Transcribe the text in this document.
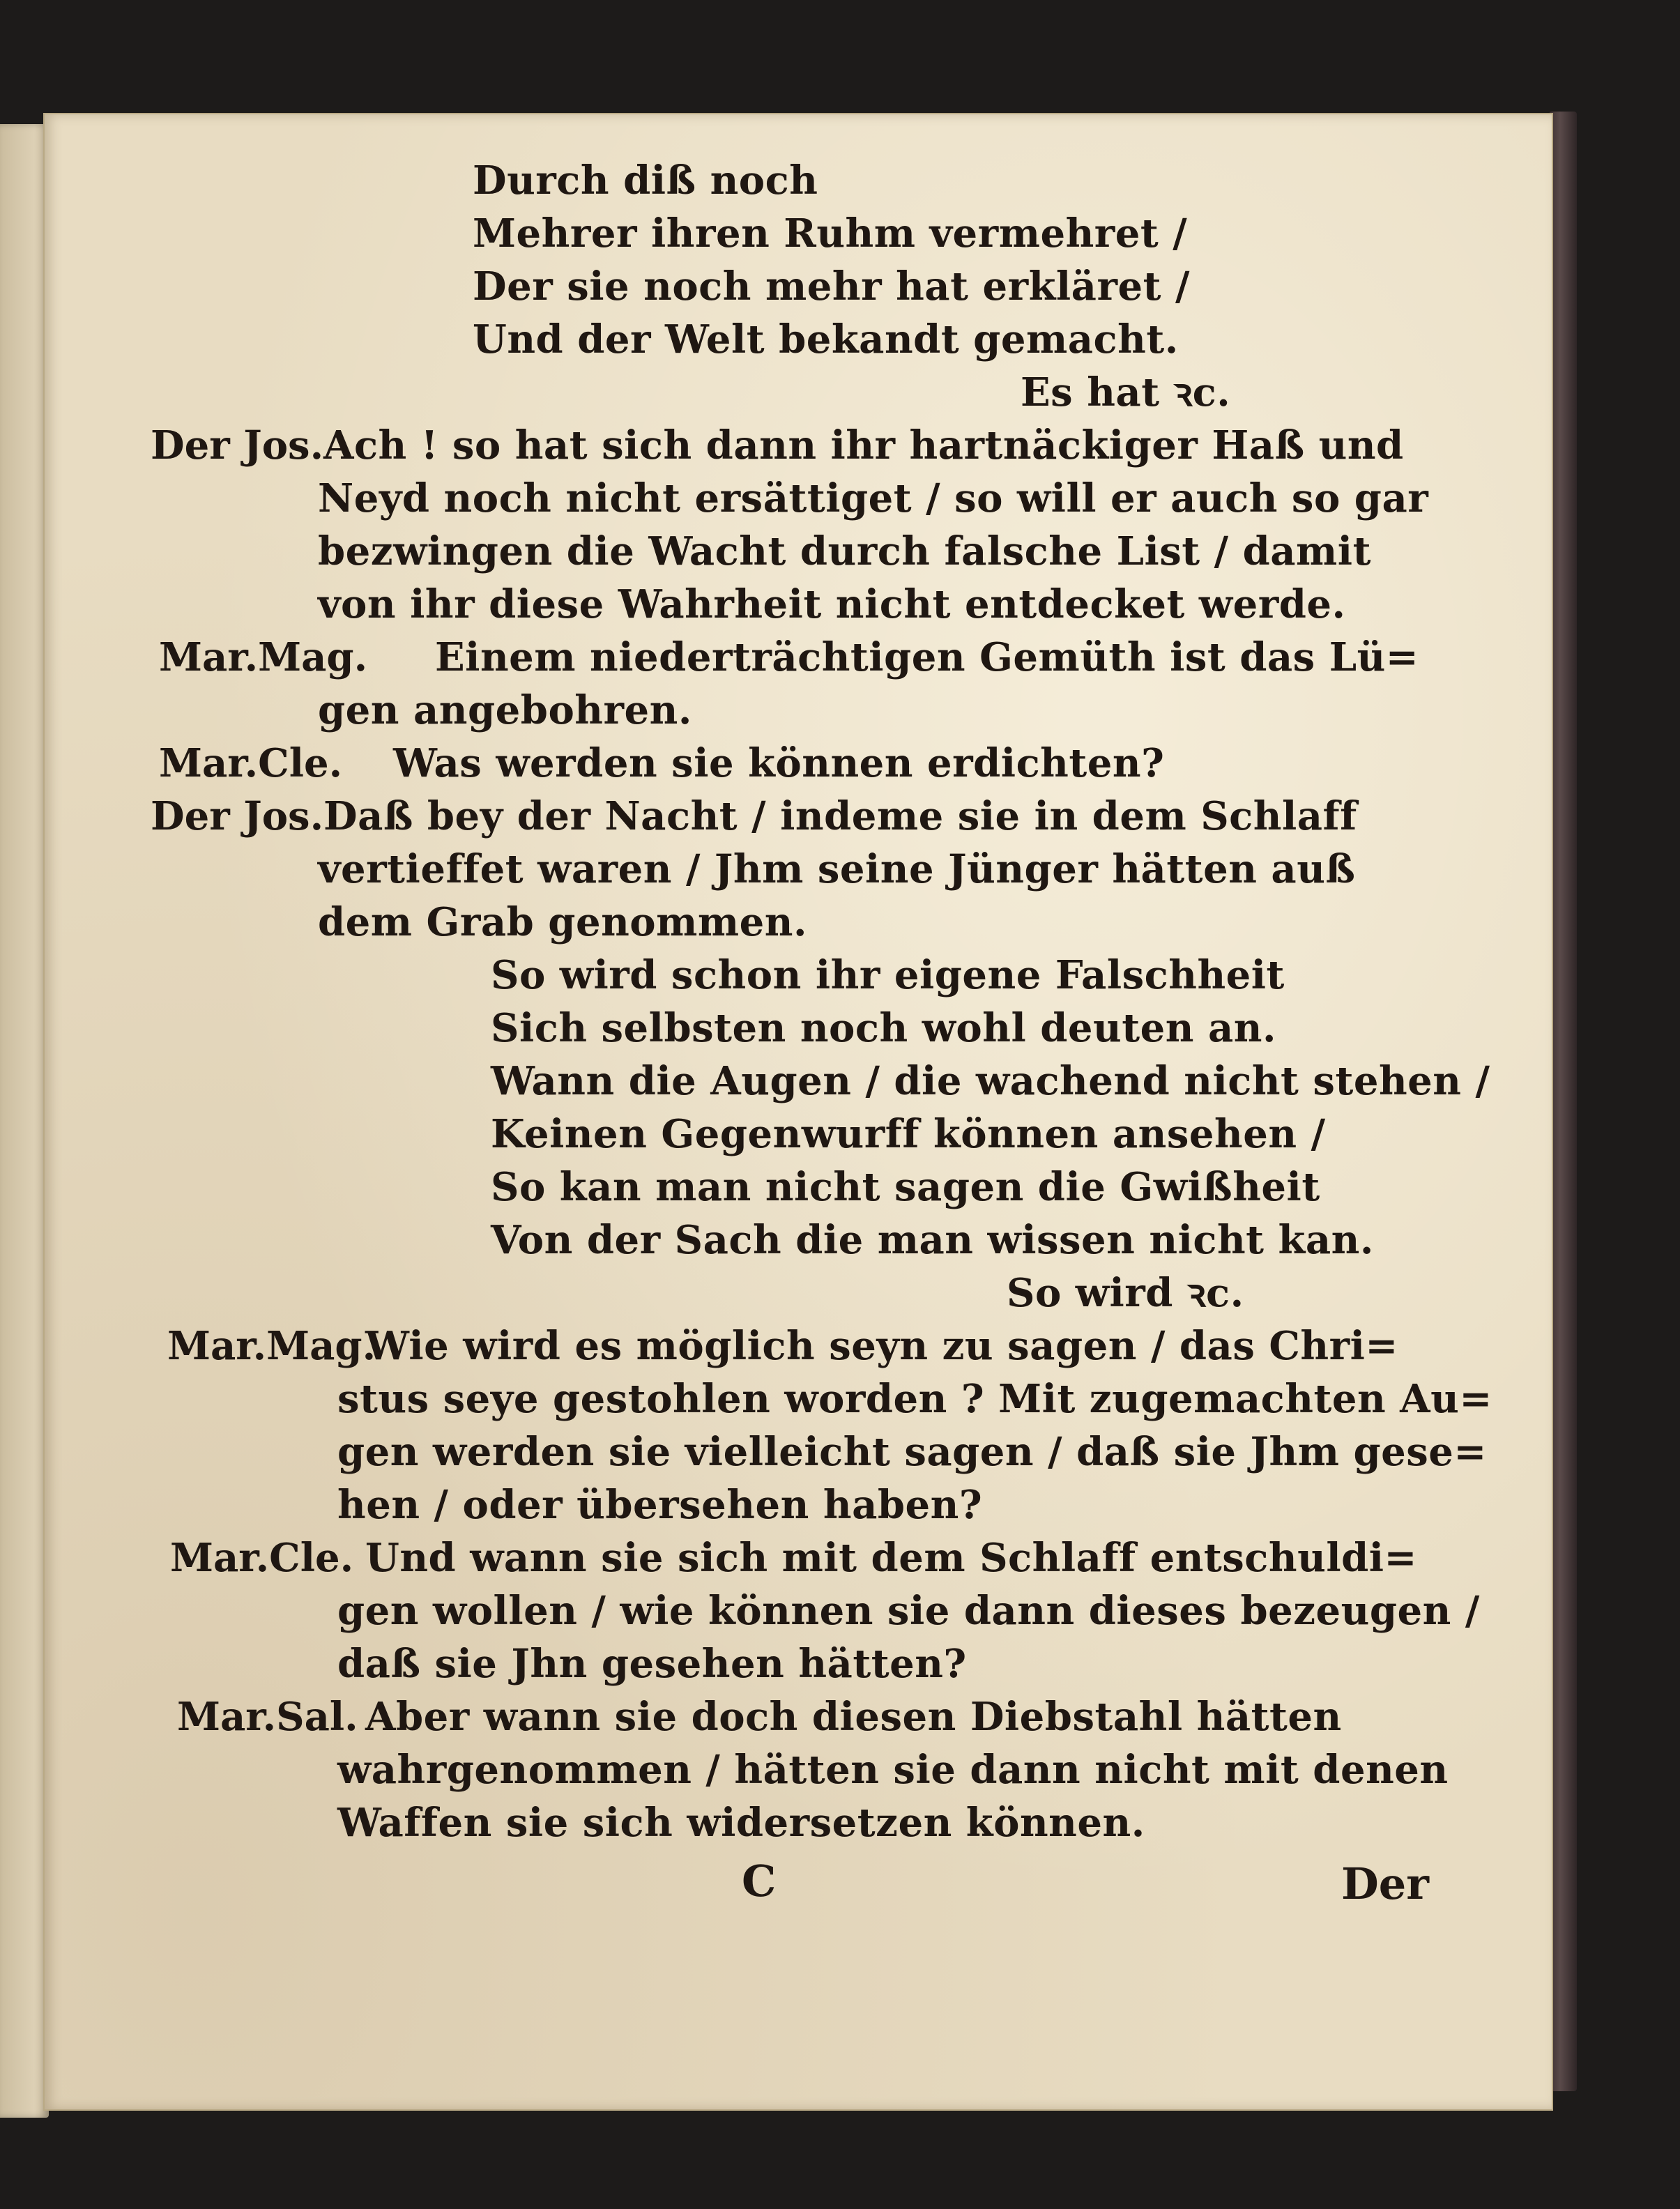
Durch diß noch
Mehrer ihren Ruhm vermehret /
Der sie noch mehr hat erkläret /
Und der Welt bekandt gemacht.
Es hat ꝛc.
Der Jos. Ach ! so hat sich dann ihr hartnäckiger Haß und
Neyd noch nicht ersättiget / so will er auch so gar
bezwingen die Wacht durch falsche List / damit
von ihr diese Wahrheit nicht entdecket werde.
Mar.Mag. Einem niederträchtigen Gemüth ist das Lü=
gen angebohren.
Mar.Cle. Was werden sie können erdichten?
Der Jos. Daß bey der Nacht / indeme sie in dem Schlaff
vertieffet waren / Jhm seine Jünger hätten auß
dem Grab genommen.
So wird schon ihr eigene Falschheit
Sich selbsten noch wohl deuten an.
Wann die Augen / die wachend nicht stehen /
Keinen Gegenwurff können ansehen /
So kan man nicht sagen die Gwißheit
Von der Sach die man wissen nicht kan.
So wird ꝛc.
Mar.Mag.
Wie wird es möglich seyn zu sagen / das Chri=
stus seye gestohlen worden ? Mit zugemachten Au=
gen werden sie vielleicht sagen / daß sie Jhm gese=
hen / oder übersehen haben?
Mar.Cle. Und wann sie sich mit dem Schlaff entschuldi=
gen wollen / wie können sie dann dieses bezeugen /
daß sie Jhn gesehen hätten?
Mar.Sal. Aber wann sie doch diesen Diebstahl hätten
wahrgenommen / hätten sie dann nicht mit denen
Waffen sie sich widersetzen können.
C	Der
